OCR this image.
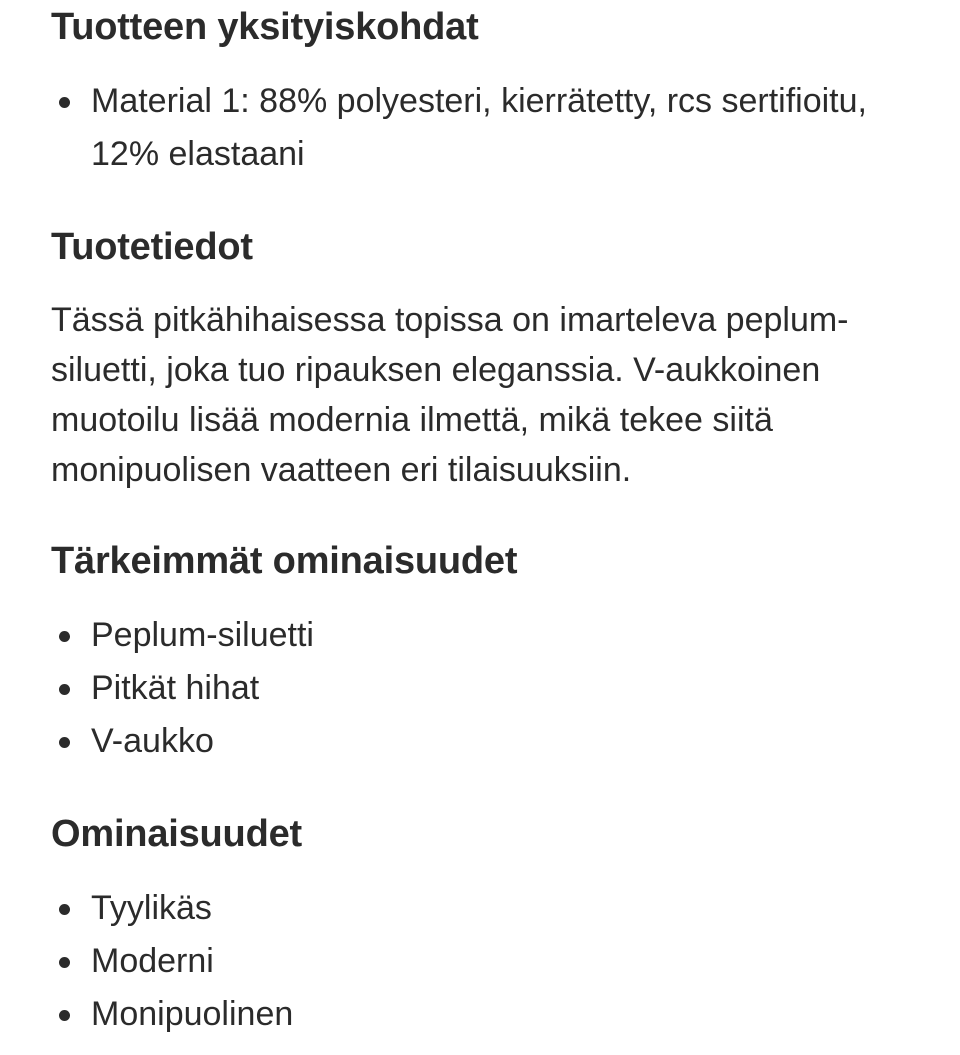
Tuotteen yksityiskohdat
Material 1: 88% polyesteri, kierrätetty, rcs sertifioitu, 12% elastaani
Tuotetiedot

Tässä pitkähihaisessa topissa on imarteleva peplum-siluetti, joka tuo ripauksen eleganssia. V-aukkoinen muotoilu lisää modernia ilmettä, mikä tekee siitä monipuolisen vaatteen eri tilaisuuksiin.

Tärkeimmät ominaisuudet
Peplum-siluetti
Pitkät hihat
V-aukko
Ominaisuudet
Tyylikäs
Moderni
Monipuolinen
